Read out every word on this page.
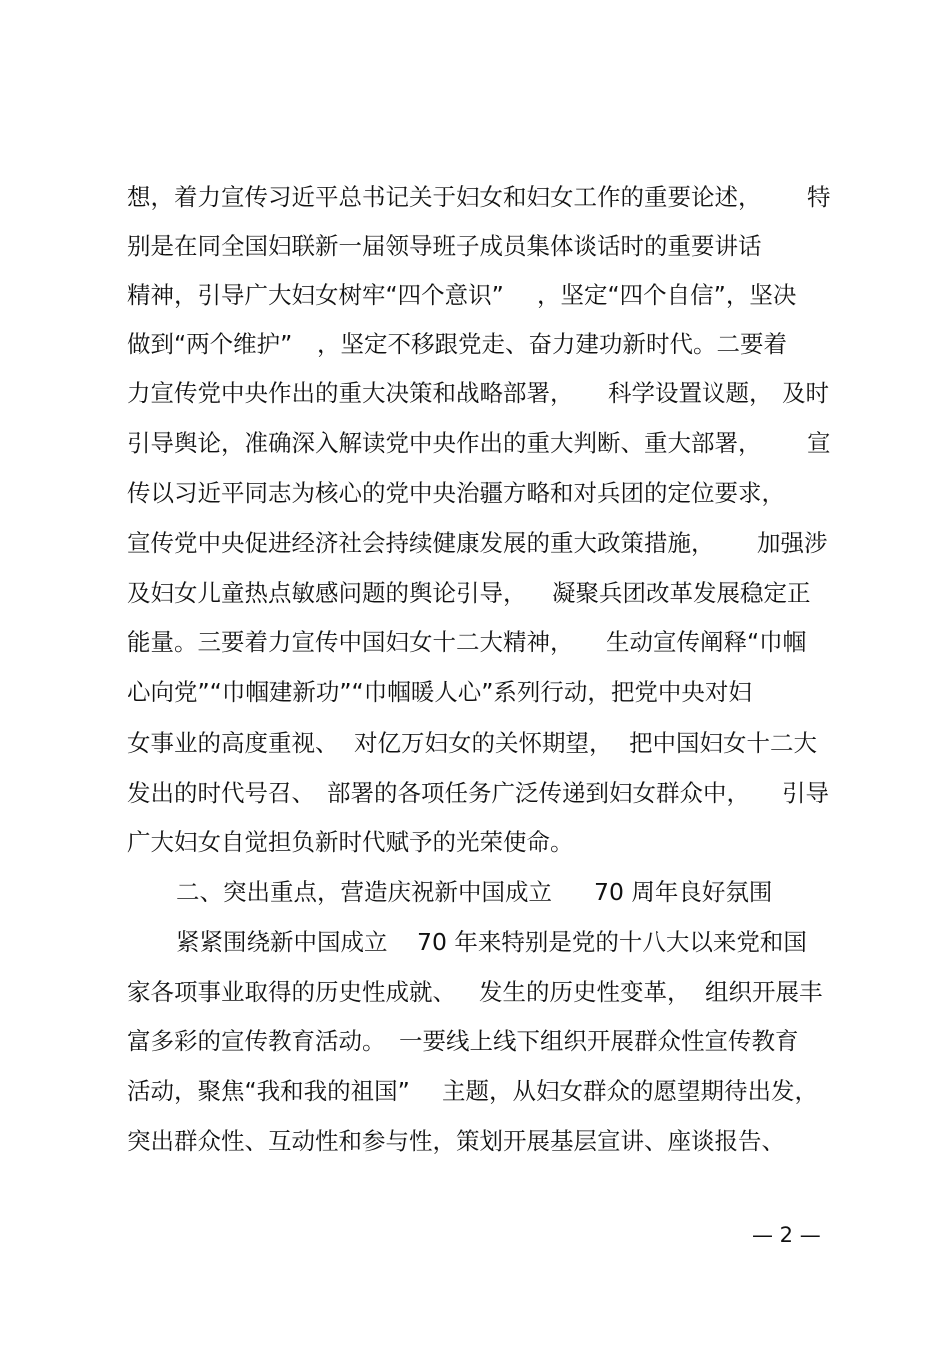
想，着力宣传习近平总书记关于妇女和妇女工作的重要论述， 特
别是在同全国妇联新一届领导班子成员集体谈话时的重要讲话
精神，引导广大妇女树牢“四个意识” ，坚定“四个自信”，坚决
做到“两个维护” ，坚定不移跟党走、奋力建功新时代。二要着
力宣传党中央作出的重大决策和战略部署， 科学设置议题， 及时
引导舆论，准确深入解读党中央作出的重大判断、重大部署， 宣
传以习近平同志为核心的党中央治疆方略和对兵团的定位要求，
宣传党中央促进经济社会持续健康发展的重大政策措施， 加强涉
及妇女儿童热点敏感问题的舆论引导， 凝聚兵团改革发展稳定正
能量。三要着力宣传中国妇女十二大精神， 生动宣传阐释“巾帼
心向党”“巾帼建新功”“巾帼暖人心”系列行动，把党中央对妇
女事业的高度重视、 对亿万妇女的关怀期望， 把中国妇女十二大
发出的时代号召、 部署的各项任务广泛传递到妇女群众中， 引导
广大妇女自觉担负新时代赋予的光荣使命。
二、突出重点，营造庆祝新中国成立 70 周年良好氛围
紧紧围绕新中国成立 70 年来特别是党的十八大以来党和国
家各项事业取得的历史性成就、 发生的历史性变革， 组织开展丰
富多彩的宣传教育活动。 一要线上线下组织开展群众性宣传教育
活动，聚焦“我和我的祖国” 主题，从妇女群众的愿望期待出发，
突出群众性、互动性和参与性，策划开展基层宣讲、座谈报告、
— 2 —
